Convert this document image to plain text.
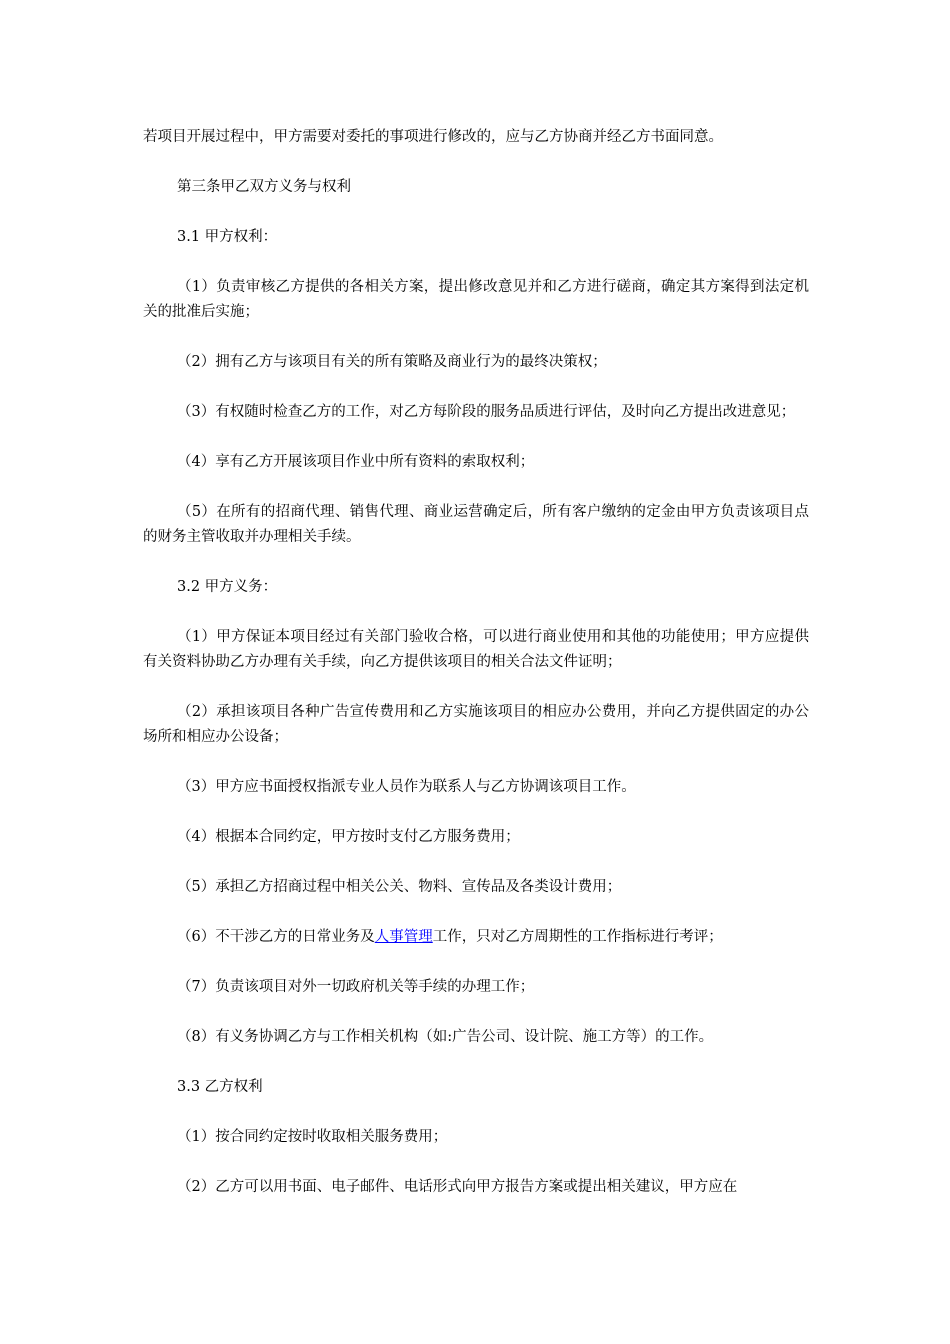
若项目开展过程中，甲方需要对委托的事项进行修改的，应与乙方协商并经乙方书面同意。

第三条甲乙双方义务与权利

3.1 甲方权利：

（1）负责审核乙方提供的各相关方案，提出修改意见并和乙方进行磋商，确定其方案得到法定机关的批准后实施；

（2）拥有乙方与该项目有关的所有策略及商业行为的最终决策权；

（3）有权随时检查乙方的工作，对乙方每阶段的服务品质进行评估，及时向乙方提出改进意见；

（4）享有乙方开展该项目作业中所有资料的索取权利；

（5）在所有的招商代理、销售代理、商业运营确定后，所有客户缴纳的定金由甲方负责该项目点的财务主管收取并办理相关手续。

3.2 甲方义务：

（1）甲方保证本项目经过有关部门验收合格，可以进行商业使用和其他的功能使用；甲方应提供有关资料协助乙方办理有关手续，向乙方提供该项目的相关合法文件证明；

（2）承担该项目各种广告宣传费用和乙方实施该项目的相应办公费用，并向乙方提供固定的办公场所和相应办公设备；

（3）甲方应书面授权指派专业人员作为联系人与乙方协调该项目工作。

（4）根据本合同约定，甲方按时支付乙方服务费用；

（5）承担乙方招商过程中相关公关、物料、宣传品及各类设计费用；

（6）不干涉乙方的日常业务及人事管理工作，只对乙方周期性的工作指标进行考评；

（7）负责该项目对外一切政府机关等手续的办理工作；

（8）有义务协调乙方与工作相关机构（如:广告公司、设计院、施工方等）的工作。

3.3 乙方权利

（1）按合同约定按时收取相关服务费用；

（2）乙方可以用书面、电子邮件、电话形式向甲方报告方案或提出相关建议，甲方应在
